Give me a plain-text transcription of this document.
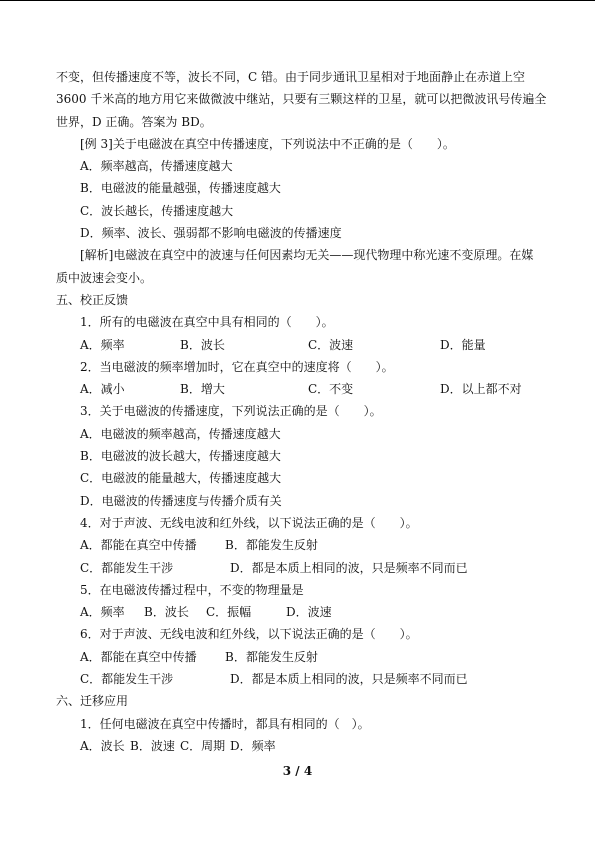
不变，但传播速度不等，波长不同，C 错。由于同步通讯卫星相对于地面静止在赤道上空
3600 千米高的地方用它来做微波中继站，只要有三颗这样的卫星，就可以把微波讯号传遍全
世界，D 正确。答案为 BD。
[例 3]关于电磁波在真空中传播速度，下列说法中不正确的是（　　）。
A．频率越高，传播速度越大
B．电磁波的能量越强，传播速度越大
C．波长越长，传播速度越大
D．频率、波长、强弱都不影响电磁波的传播速度
[解析]电磁波在真空中的波速与任何因素均无关——现代物理中称光速不变原理。在媒
质中波速会变小。
五、校正反馈
1．所有的电磁波在真空中具有相同的（　　）。
A．频率	B．波长	C．波速	D．能量
2．当电磁波的频率增加时，它在真空中的速度将（　　）。
A．减小	B．增大	C．不变	D．以上都不对
3．关于电磁波的传播速度，下列说法正确的是（　　）。
A．电磁波的频率越高，传播速度越大
B．电磁波的波长越大，传播速度越大
C．电磁波的能量越大，传播速度越大
D．电磁波的传播速度与传播介质有关
4．对于声波、无线电波和红外线，以下说法正确的是（　　）。
A．都能在真空中传播 B．都能发生反射
C．都能发生干涉	D．都是本质上相同的波，只是频率不同而已
5．在电磁波传播过程中，不变的物理量是
A．频率 B．波长 C．振幅	D．波速
6．对于声波、无线电波和红外线，以下说法正确的是（　　）。
A．都能在真空中传播 B．都能发生反射
C．都能发生干涉	D．都是本质上相同的波，只是频率不同而已
六、迁移应用
1．任何电磁波在真空中传播时，都具有相同的（　）。
A．波长 B．波速 C．周期 D．频率
3 / 4
